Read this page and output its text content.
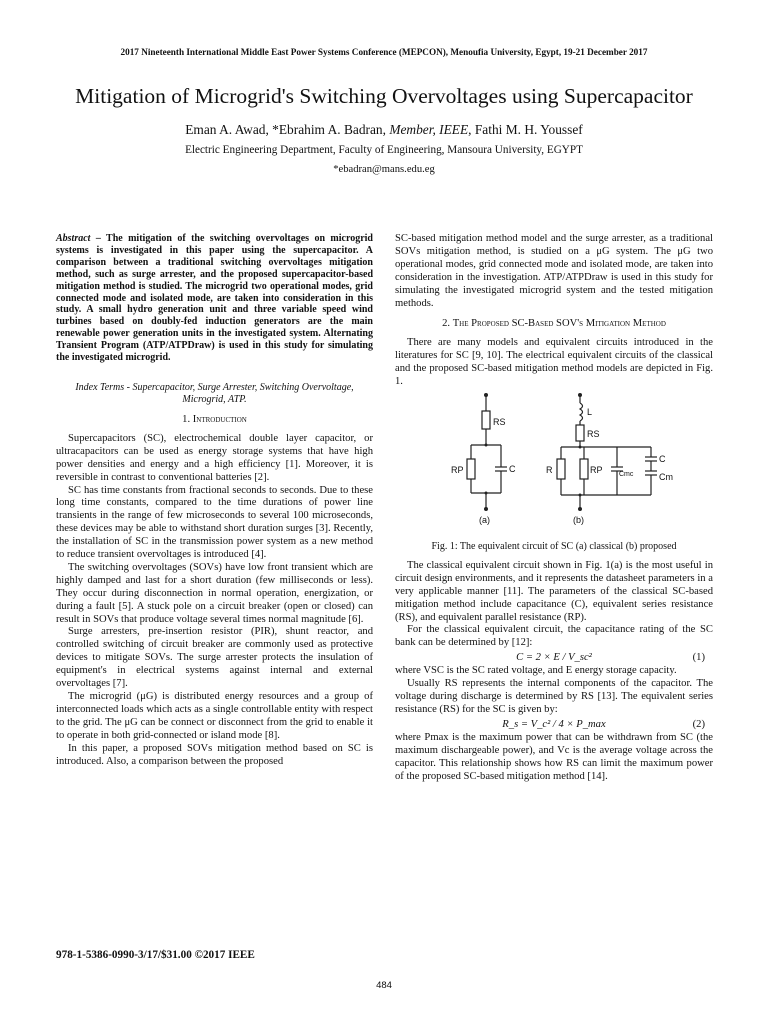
2017 Nineteenth International Middle East Power Systems Conference (MEPCON), Menoufia University, Egypt, 19-21 December 2017
Mitigation of Microgrid's Switching Overvoltages using Supercapacitor
Eman A. Awad, *Ebrahim A. Badran, Member, IEEE, Fathi M. H. Youssef
Electric Engineering Department, Faculty of Engineering, Mansoura University, EGYPT
*ebadran@mans.edu.eg

Abstract – The mitigation of the switching overvoltages on microgrid systems is investigated in this paper using the supercapacitor. A comparison between a traditional switching overvoltages mitigation method, such as surge arrester, and the proposed supercapacitor-based mitigation method is studied. The microgrid two operational modes, grid connected mode and isolated mode, are taken into consideration in this study. A small hydro generation unit and three variable speed wind turbines based on doubly-fed induction generators are the main renewable power generation units in the investigated system. Alternating Transient Program (ATP/ATPDraw) is used in this study for simulating the investigated microgrid.

Index Terms - Supercapacitor, Surge Arrester, Switching Overvoltage, Microgrid, ATP.

1. Introduction

Supercapacitors (SC), electrochemical double layer capacitor, or ultracapacitors can be used as energy storage systems that have high power densities and energy and a high efficiency [1]. Moreover, it is reversible in contrast to conventional batteries [2].

SC has time constants from fractional seconds to seconds. Due to these long time constants, compared to the time durations of power line transients in the range of few microseconds to several 100 microseconds, these devices may be able to withstand short duration surges [3]. Recently, the installation of SC in the transmission power system as a new method to reduce transient overvoltages is introduced [4].

The switching overvoltages (SOVs) have low front transient which are highly damped and last for a short duration (few milliseconds or less). They occur during disconnection in normal operation, energization, or during a fault [5]. A stuck pole on a circuit breaker (open or closed) can result in SOVs that produce voltage several times normal magnitude [6].

Surge arresters, pre-insertion resistor (PIR), shunt reactor, and controlled switching of circuit breaker are commonly used as protective devices to mitigate SOVs. The surge arrester protects the insulation of equipment's in electrical systems against internal and external overvoltages [7].

The microgrid (μG) is distributed energy resources and a group of interconnected loads which acts as a single controllable entity with respect to the grid. The μG can be connect or disconnect from the grid to enable it to operate in both grid-connected or island mode [8].

In this paper, a proposed SOVs mitigation method based on SC is introduced. Also, a comparison between the proposed

SC-based mitigation method model and the surge arrester, as a traditional SOVs mitigation method, is studied on a μG system. The μG two operational modes, grid connected mode and isolated mode, are taken into consideration in the investigation. ATP/ATPDraw is used in this study for simulating the investigated microgrid system and the tested mitigation methods.

2. The Proposed SC-Based SOV's Mitigation Method

There are many models and equivalent circuits introduced in the literatures for SC [9, 10]. The electrical equivalent circuits of the classical and the proposed SC-based mitigation method models are depicted in Fig. 1.

RS
RP	C
(a)
L
RS
R	RP Cmc
C
Cm
(b)

Fig. 1: The equivalent circuit of SC (a) classical (b) proposed

The classical equivalent circuit shown in Fig. 1(a) is the most useful in circuit design environments, and it represents the datasheet parameters in a very applicable manner [11]. The parameters of the classical SC-based mitigation method include capacitance (C), equivalent series resistance (RS), and equivalent parallel resistance (RP).

For the classical equivalent circuit, the capacitance rating of the SC bank can be determined by [12]:

C = 2 × E / V_sc²	(1)

where VSC is the SC rated voltage, and E energy storage capacity.

Usually RS represents the internal components of the capacitor. The voltage during discharge is determined by RS [13]. The equivalent series resistance (RS) for the SC is given by:

R_s = V_c² / 4 × P_max	(2)

where Pmax is the maximum power that can be withdrawn from SC (the maximum dischargeable power), and Vc is the average voltage across the capacitor. This relationship shows how RS can limit the maximum power of the proposed SC-based mitigation method [14].

978-1-5386-0990-3/17/$31.00 ©2017 IEEE
484
